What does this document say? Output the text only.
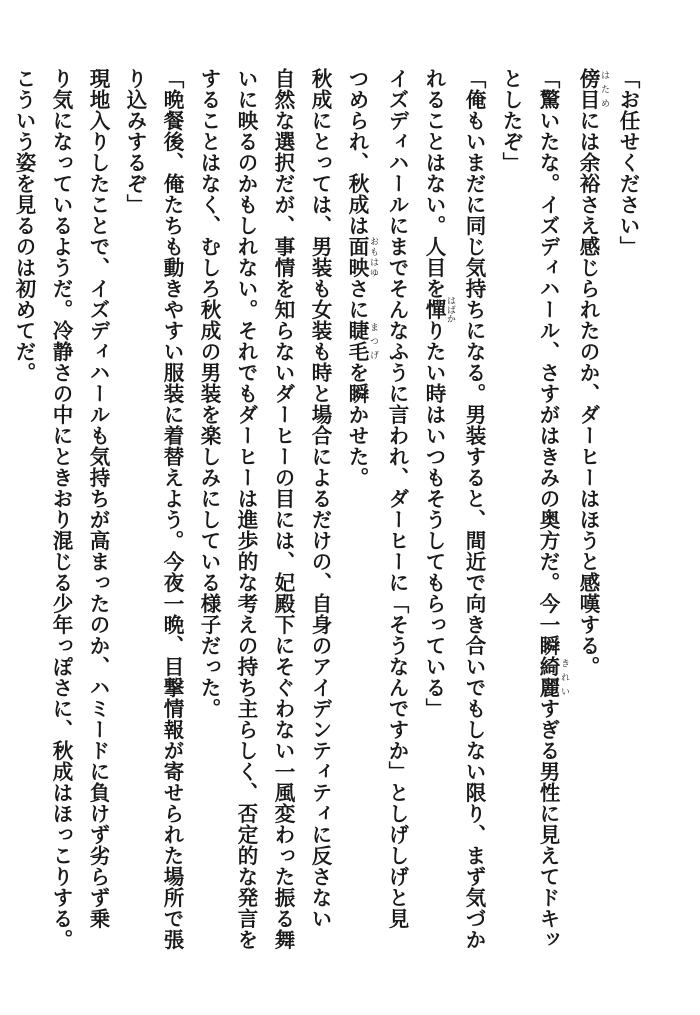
「お任せください」
傍目 はためには余裕さえ感じられたのか、ダーヒーはほうと感嘆する。
「驚いたな。イズディハール、さすがはきみの奥方だ。今一瞬綺麗 きれいすぎる男性に見えてドキッ
としたぞ」
「俺もいまだに同じ気持ちになる。男装すると、間近で向き合いでもしない限り、まず気づか
れることはない。人目を憚 はばかりたい時はいつもそうしてもらっている」
イズディハールにまでそんなふうに言われ、ダーヒーに「そうなんですか」としげしげと見
つめられ、秋成は面映 おもはゆさに睫毛 まつげを瞬かせた。
秋成にとっては、男装も女装も時と場合によるだけの、自身のアイデンティティに反さない
自然な選択だが、事情を知らないダーヒーの目には、妃殿下にそぐわない一風変わった振る舞
いに映るのかもしれない。それでもダーヒーは進歩的な考えの持ち主らしく、否定的な発言を
することはなく、むしろ秋成の男装を楽しみにしている様子だった。
「晩餐後、俺たちも動きやすい服装に着替えよう。今夜一晩、目撃情報が寄せられた場所で張
り込みするぞ」
現地入りしたことで、イズディハールも気持ちが高まったのか、ハミードに負けず劣らず乗
り気になっているようだ。冷静さの中にときおり混じる少年っぽさに、秋成はほっこりする。
こういう姿を見るのは初めてだ。
